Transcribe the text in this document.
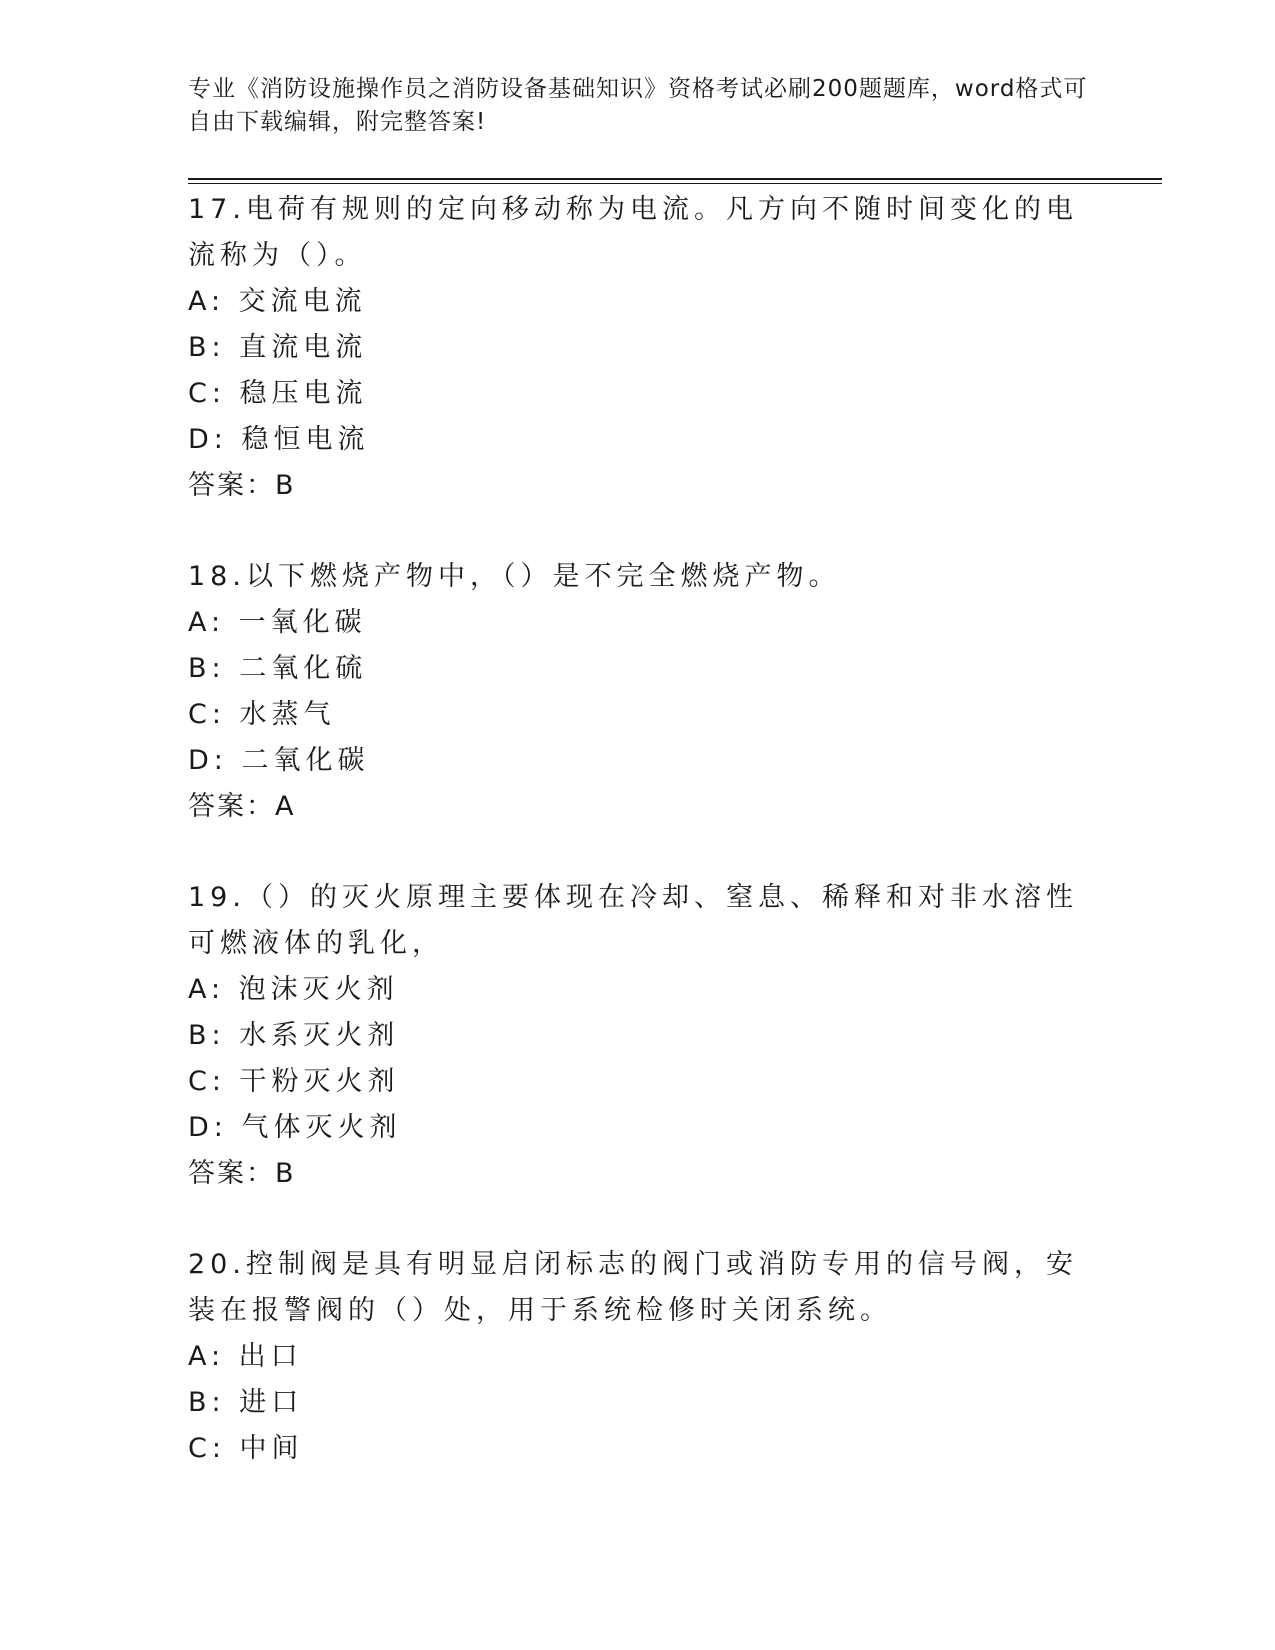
专业《消防设施操作员之消防设备基础知识》资格考试必刷200题题库，word格式可自由下载编辑，附完整答案!

17.电荷有规则的定向移动称为电流。凡方向不随时间变化的电流称为（）。

A: 交流电流

B: 直流电流

C: 稳压电流

D: 稳恒电流

答案：B

18.以下燃烧产物中，（）是不完全燃烧产物。

A: 一氧化碳

B: 二氧化硫

C: 水蒸气

D: 二氧化碳

答案：A

19.（）的灭火原理主要体现在冷却、窒息、稀释和对非水溶性可燃液体的乳化，

A: 泡沫灭火剂

B: 水系灭火剂

C: 干粉灭火剂

D: 气体灭火剂

答案：B

20.控制阀是具有明显启闭标志的阀门或消防专用的信号阀，安装在报警阀的（）处，用于系统检修时关闭系统。

A: 出口

B: 进口

C: 中间
